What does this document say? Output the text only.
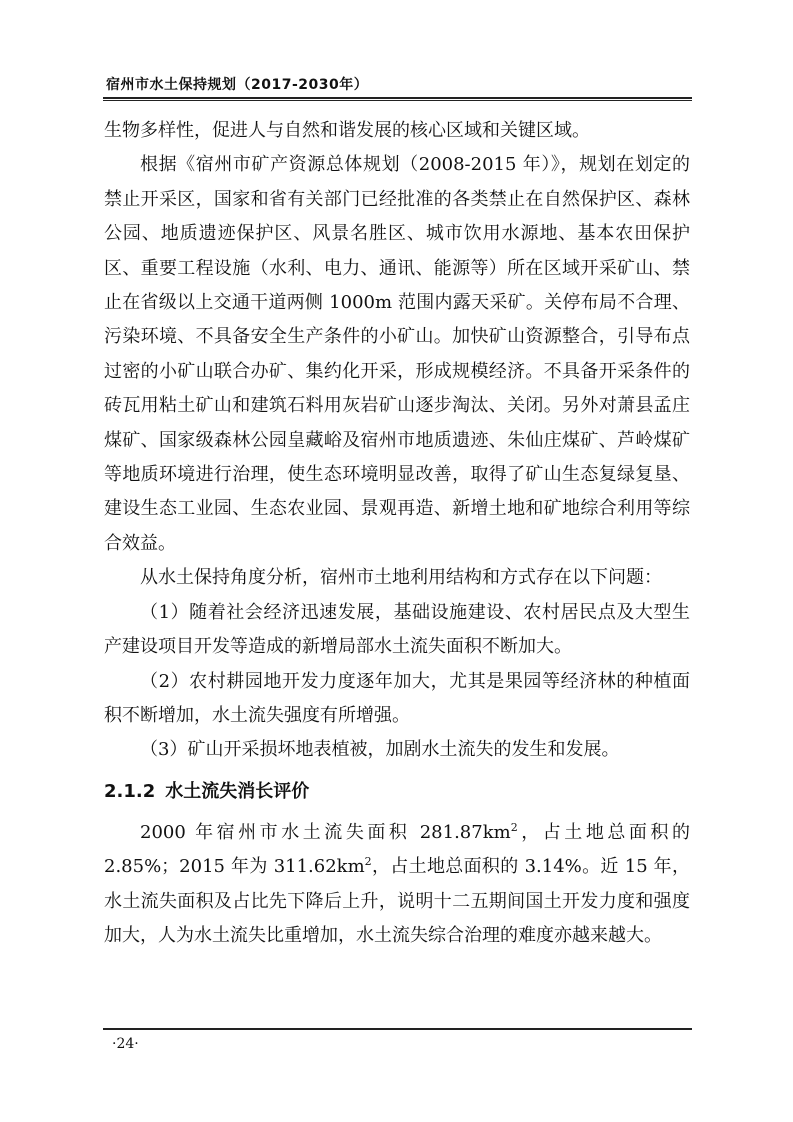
宿州市水土保持规划（2017-2030年）

生物多样性，促进人与自然和谐发展的核心区域和关键区域。

根据《宿州市矿产资源总体规划（2008-2015 年）》，规划在划定的禁止开采区，国家和省有关部门已经批准的各类禁止在自然保护区、森林公园、地质遗迹保护区、风景名胜区、城市饮用水源地、基本农田保护区、重要工程设施（水利、电力、通讯、能源等）所在区域开采矿山、禁止在省级以上交通干道两侧 1000m 范围内露天采矿。关停布局不合理、污染环境、不具备安全生产条件的小矿山。加快矿山资源整合，引导布点过密的小矿山联合办矿、集约化开采，形成规模经济。不具备开采条件的砖瓦用粘土矿山和建筑石料用灰岩矿山逐步淘汰、关闭。另外对萧县孟庄煤矿、国家级森林公园皇藏峪及宿州市地质遗迹、朱仙庄煤矿、芦岭煤矿等地质环境进行治理，使生态环境明显改善，取得了矿山生态复绿复垦、建设生态工业园、生态农业园、景观再造、新增土地和矿地综合利用等综合效益。

从水土保持角度分析，宿州市土地利用结构和方式存在以下问题：

（1）随着社会经济迅速发展，基础设施建设、农村居民点及大型生产建设项目开发等造成的新增局部水土流失面积不断加大。

（2）农村耕园地开发力度逐年加大，尤其是果园等经济林的种植面积不断增加，水土流失强度有所增强。

（3）矿山开采损坏地表植被，加剧水土流失的发生和发展。

2.1.2 水土流失消长评价

2000 年宿州市水土流失面积 $281.87km^2$，占土地总面积的 2.85%；2015 年为 $311.62km^2$，占土地总面积的 3.14%。近 15 年，水土流失面积及占比先下降后上升，说明十二五期间国土开发力度和强度加大，人为水土流失比重增加，水土流失综合治理的难度亦越来越大。

·24·
